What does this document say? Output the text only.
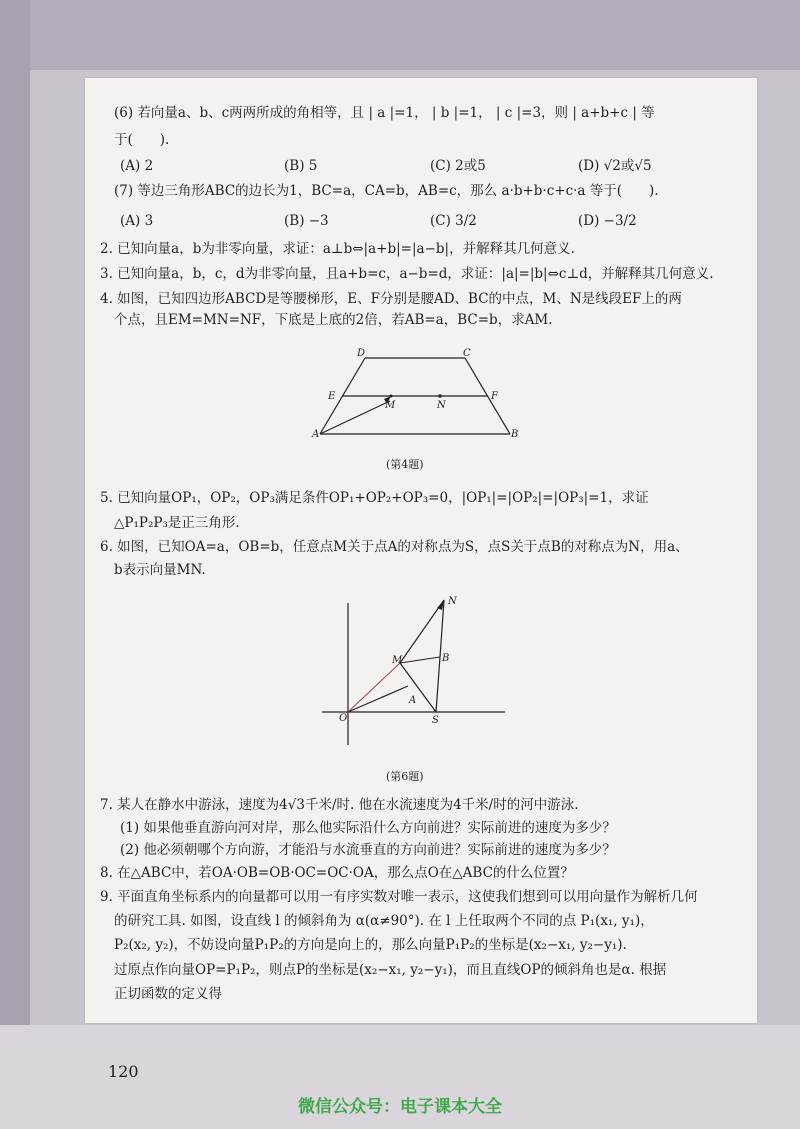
(6) 若向量a、b、c两两所成的角相等，且 | a |=1， | b |=1， | c |=3，则 | a+b+c | 等
于(　　).
(A) 2	(B) 5	(C) 2或5	(D) √2或√5
(7) 等边三角形ABC的边长为1，BC=a，CA=b，AB=c，那么 a·b+b·c+c·a 等于(　　).
(A) 3	(B) −3	(C) 3/2	(D) −3/2
2. 已知向量a，b为非零向量，求证：a⊥b⇔|a+b|=|a−b|，并解释其几何意义.
3. 已知向量a，b，c，d为非零向量，且a+b=c，a−b=d，求证：|a|=|b|⇔c⊥d，并解释其几何意义.
4. 如图，已知四边形ABCD是等腰梯形，E、F分别是腰AD、BC的中点，M、N是线段EF上的两
个点，且EM=MN=NF，下底是上底的2倍，若AB=a，BC=b，求AM.
D	C
E	F
M	N
A	B
(第4题)
5. 已知向量OP₁，OP₂，OP₃满足条件OP₁+OP₂+OP₃=0，|OP₁|=|OP₂|=|OP₃|=1，求证
△P₁P₂P₃是正三角形.
6. 如图，已知OA=a，OB=b，任意点M关于点A的对称点为S，点S关于点B的对称点为N，用a、
b表示向量MN.
N
M	B
A
O	S
(第6题)
7. 某人在静水中游泳，速度为4√3千米/时. 他在水流速度为4千米/时的河中游泳.
(1) 如果他垂直游向河对岸，那么他实际沿什么方向前进？实际前进的速度为多少？
(2) 他必须朝哪个方向游，才能沿与水流垂直的方向前进？实际前进的速度为多少？
8. 在△ABC中，若OA·OB=OB·OC=OC·OA，那么点O在△ABC的什么位置？
9. 平面直角坐标系内的向量都可以用一有序实数对唯一表示，这使我们想到可以用向量作为解析几何
的研究工具. 如图，设直线 l 的倾斜角为 α(α≠90°). 在 l 上任取两个不同的点 P₁(x₁, y₁)，
P₂(x₂, y₂)，不妨设向量P₁P₂的方向是向上的，那么向量P₁P₂的坐标是(x₂−x₁, y₂−y₁).
过原点作向量OP=P₁P₂，则点P的坐标是(x₂−x₁, y₂−y₁)，而且直线OP的倾斜角也是α. 根据
正切函数的定义得
120
微信公众号：电子课本大全
